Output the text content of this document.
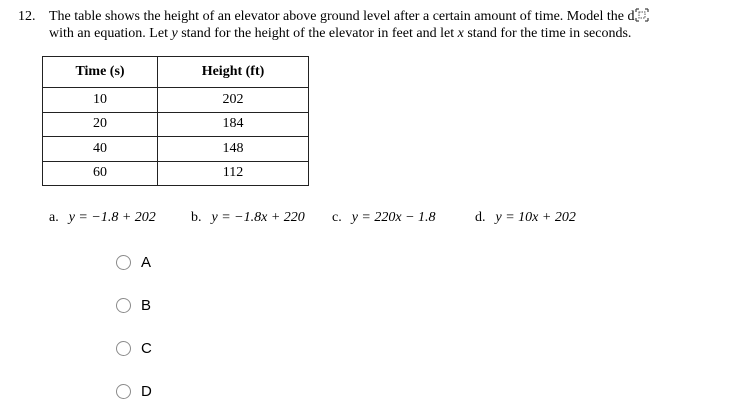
12. The table shows the height of an elevator above ground level after a certain amount of time. Model the d
with an equation. Let y stand for the height of the elevator in feet and let x stand for the time in seconds.
Time (s)	Height (ft)
10	202
20	184
40	148
60	112
a. y = −1.8 + 202	b. y = −1.8x + 220 c. y = 220x − 1.8	d. y = 10x + 202
A
B
C
D
